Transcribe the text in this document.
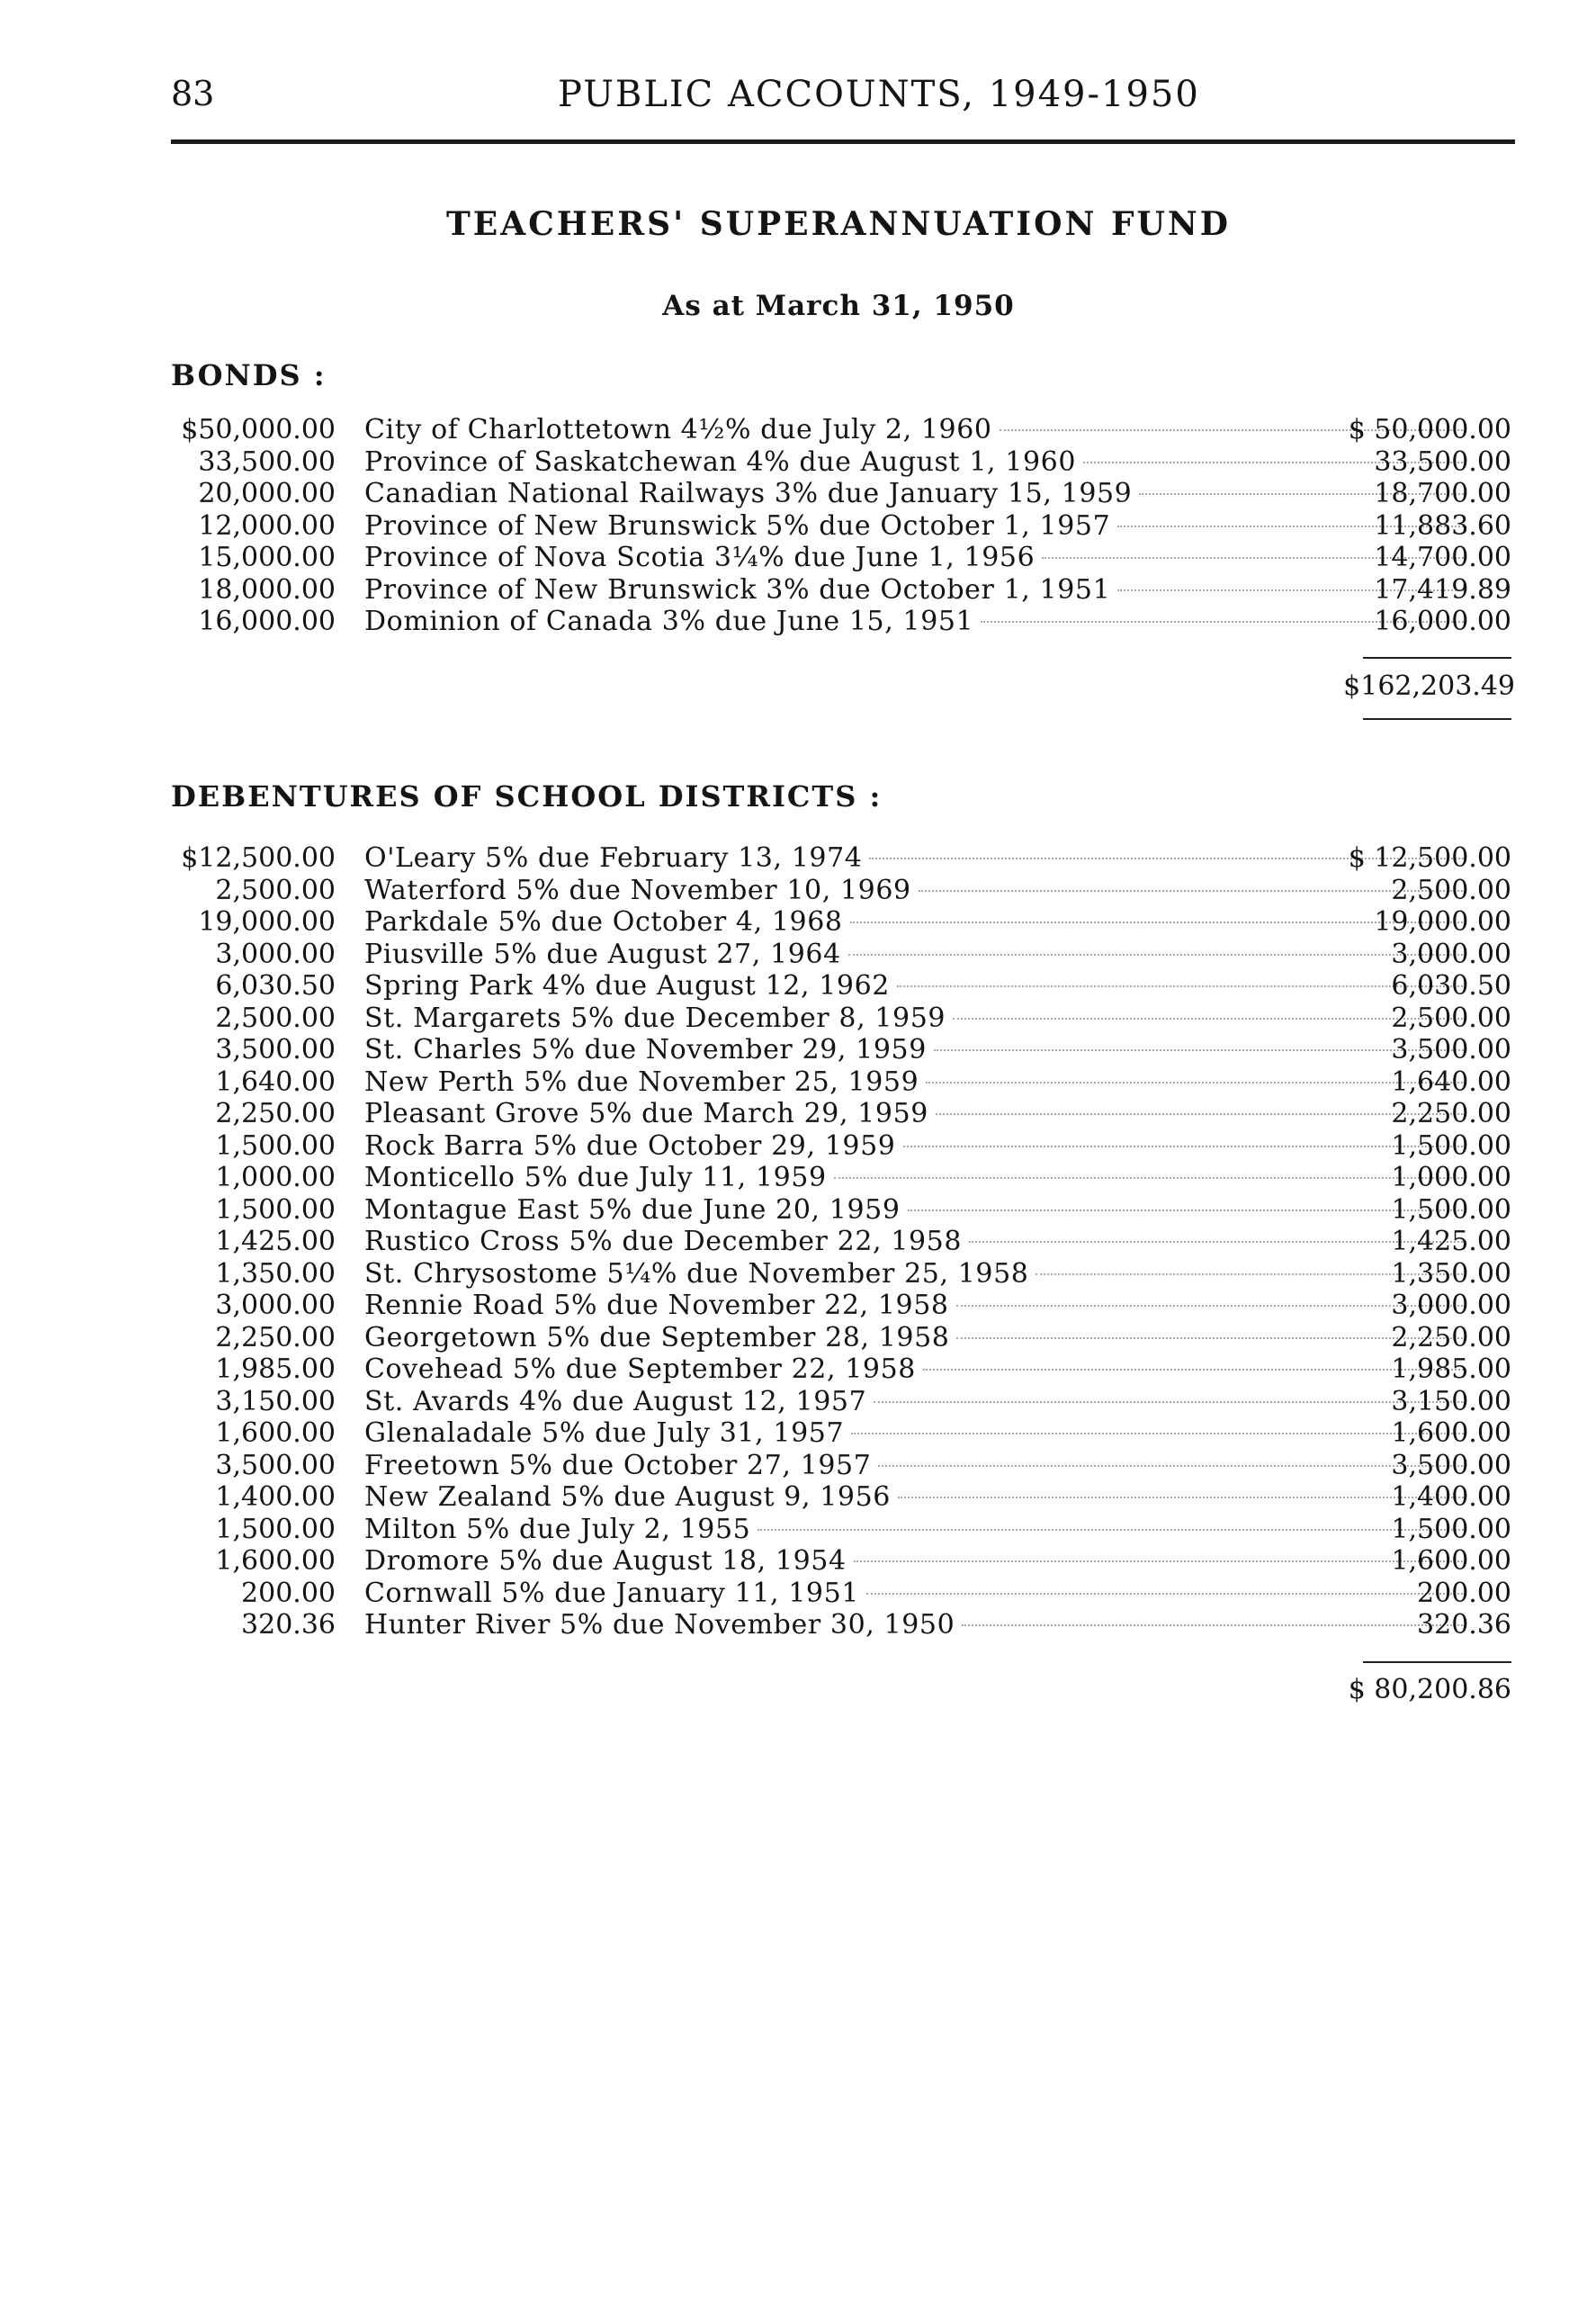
83	PUBLIC ACCOUNTS, 1949-1950
TEACHERS' SUPERANNUATION FUND
As at March 31, 1950
BONDS :
$50,000.00 City of Charlottetown 4½% due July 2, 1960	$ 50,000.00
33,500.00 Province of Saskatchewan 4% due August 1, 1960	33,500.00
20,000.00 Canadian National Railways 3% due January 15, 1959	18,700.00
12,000.00 Province of New Brunswick 5% due October 1, 1957	11,883.60
15,000.00 Province of Nova Scotia 3¼% due June 1, 1956	14,700.00
18,000.00 Province of New Brunswick 3% due October 1, 1951	17,419.89
16,000.00 Dominion of Canada 3% due June 15, 1951	16,000.00
$162,203.49
DEBENTURES OF SCHOOL DISTRICTS :
$12,500.00 O'Leary 5% due February 13, 1974	$ 12,500.00
2,500.00 Waterford 5% due November 10, 1969	2,500.00
19,000.00 Parkdale 5% due October 4, 1968	19,000.00
3,000.00 Piusville 5% due August 27, 1964	3,000.00
6,030.50 Spring Park 4% due August 12, 1962	6,030.50
2,500.00 St. Margarets 5% due December 8, 1959	2,500.00
3,500.00 St. Charles 5% due November 29, 1959	3,500.00
1,640.00 New Perth 5% due November 25, 1959	1,640.00
2,250.00 Pleasant Grove 5% due March 29, 1959	2,250.00
1,500.00 Rock Barra 5% due October 29, 1959	1,500.00
1,000.00 Monticello 5% due July 11, 1959	1,000.00
1,500.00 Montague East 5% due June 20, 1959	1,500.00
1,425.00 Rustico Cross 5% due December 22, 1958	1,425.00
1,350.00 St. Chrysostome 5¼% due November 25, 1958	1,350.00
3,000.00 Rennie Road 5% due November 22, 1958	3,000.00
2,250.00 Georgetown 5% due September 28, 1958	2,250.00
1,985.00 Covehead 5% due September 22, 1958	1,985.00
3,150.00 St. Avards 4% due August 12, 1957	3,150.00
1,600.00 Glenaladale 5% due July 31, 1957	1,600.00
3,500.00 Freetown 5% due October 27, 1957	3,500.00
1,400.00 New Zealand 5% due August 9, 1956	1,400.00
1,500.00 Milton 5% due July 2, 1955	1,500.00
1,600.00 Dromore 5% due August 18, 1954	1,600.00
200.00 Cornwall 5% due January 11, 1951	200.00
320.36 Hunter River 5% due November 30, 1950	320.36
$ 80,200.86
